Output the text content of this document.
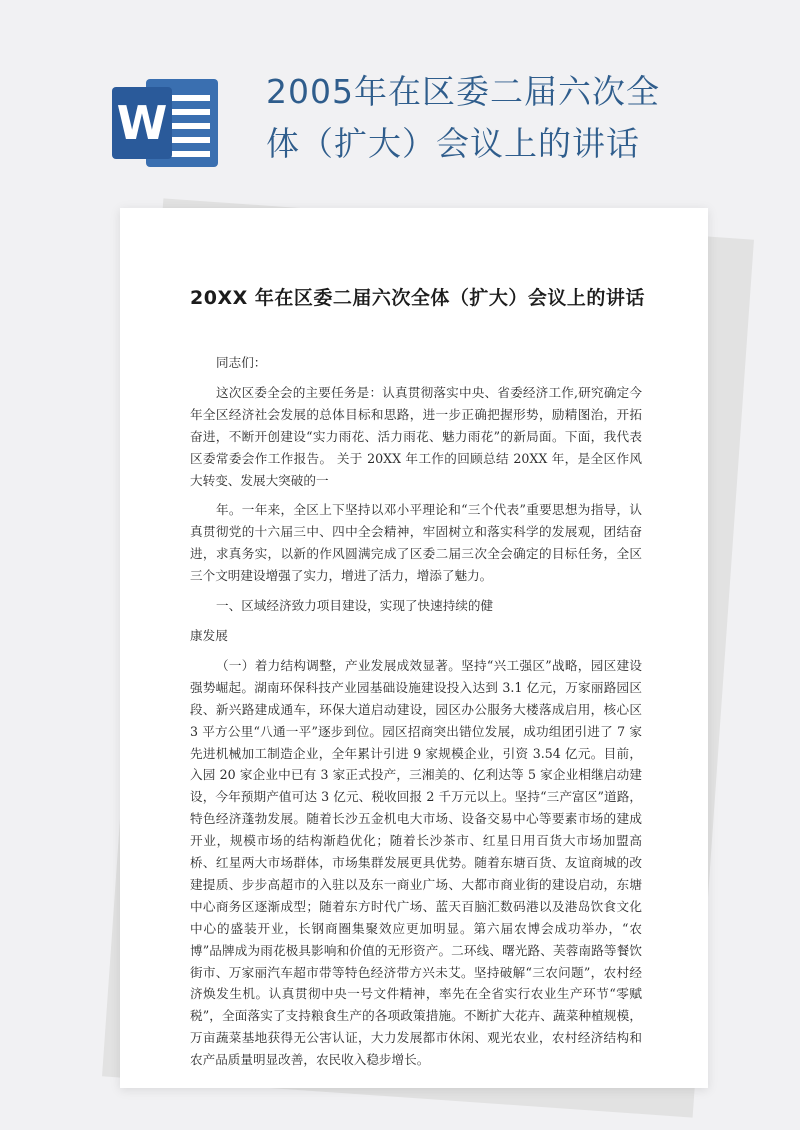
W
2005年在区委二届六次全体（扩大）会议上的讲话
20XX 年在区委二届六次全体（扩大）会议上的讲话

同志们：

这次区委全会的主要任务是：认真贯彻落实中央、省委经济工作,研究确定今年全区经济社会发展的总体目标和思路，进一步正确把握形势，励精图治，开拓奋进，不断开创建设“实力雨花、活力雨花、魅力雨花”的新局面。下面，我代表区委常委会作工作报告。 关于 20XX 年工作的回顾总结 20XX 年，是全区作风大转变、发展大突破的一

年。一年来，全区上下坚持以邓小平理论和“三个代表”重要思想为指导，认真贯彻党的十六届三中、四中全会精神，牢固树立和落实科学的发展观，团结奋进，求真务实，以新的作风圆满完成了区委二届三次全会确定的目标任务，全区三个文明建设增强了实力，增进了活力，增添了魅力。

一、区域经济致力项目建设，实现了快速持续的健

康发展

（一）着力结构调整，产业发展成效显著。坚持“兴工强区”战略，园区建设强势崛起。湖南环保科技产业园基础设施建设投入达到 3.1 亿元，万家丽路园区段、新兴路建成通车，环保大道启动建设，园区办公服务大楼落成启用，核心区 3 平方公里“八通一平”逐步到位。园区招商突出错位发展，成功组团引进了 7 家先进机械加工制造企业，全年累计引进 9 家规模企业，引资 3.54 亿元。目前，入园 20 家企业中已有 3 家正式投产，三湘美的、亿利达等 5 家企业相继启动建设，今年预期产值可达 3 亿元、税收回报 2 千万元以上。坚持“三产富区”道路，特色经济蓬勃发展。随着长沙五金机电大市场、设备交易中心等要素市场的建成开业，规模市场的结构渐趋优化；随着长沙茶市、红星日用百货大市场加盟高桥、红星两大市场群体，市场集群发展更具优势。随着东塘百货、友谊商城的改建提质、步步高超市的入驻以及东一商业广场、大都市商业街的建设启动，东塘中心商务区逐渐成型；随着东方时代广场、蓝天百脑汇数码港以及港岛饮食文化中心的盛装开业，长钢商圈集聚效应更加明显。第六届农博会成功举办，“农博”品牌成为雨花极具影响和价值的无形资产。二环线、曙光路、芙蓉南路等餐饮街市、万家丽汽车超市带等特色经济带方兴未艾。坚持破解“三农问题”，农村经济焕发生机。认真贯彻中央一号文件精神，率先在全省实行农业生产环节“零赋税”，全面落实了支持粮食生产的各项政策措施。不断扩大花卉、蔬菜种植规模，万亩蔬菜基地获得无公害认证，大力发展都市休闲、观光农业，农村经济结构和农产品质量明显改善，农民收入稳步增长。
